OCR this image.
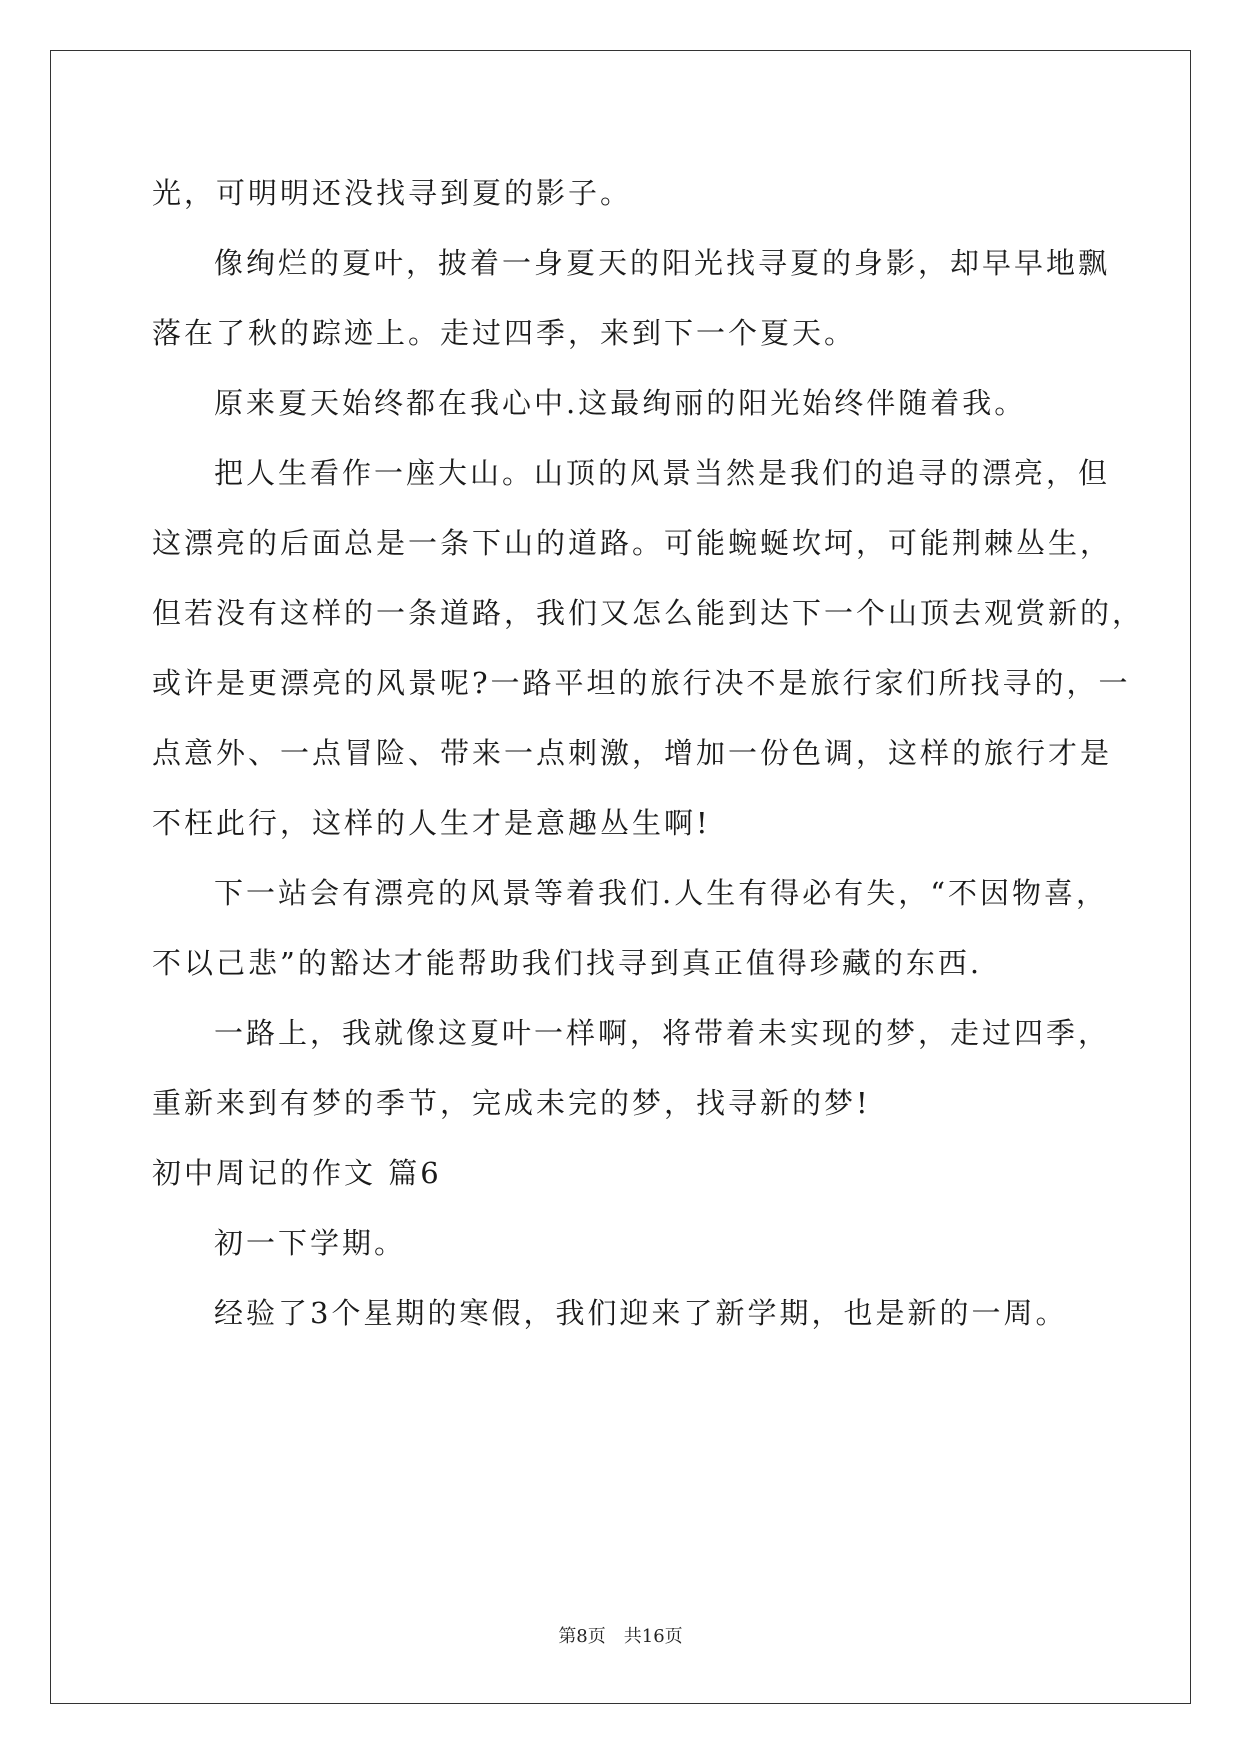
光，可明明还没找寻到夏的影子。
像绚烂的夏叶，披着一身夏天的阳光找寻夏的身影，却早早地飘
落在了秋的踪迹上。走过四季，来到下一个夏天。
原来夏天始终都在我心中.这最绚丽的阳光始终伴随着我。
把人生看作一座大山。山顶的风景当然是我们的追寻的漂亮，但
这漂亮的后面总是一条下山的道路。可能蜿蜒坎坷，可能荆棘丛生，
但若没有这样的一条道路，我们又怎么能到达下一个山顶去观赏新的，
或许是更漂亮的风景呢?一路平坦的旅行决不是旅行家们所找寻的，一
点意外、一点冒险、带来一点刺激，增加一份色调，这样的旅行才是
不枉此行，这样的人生才是意趣丛生啊!
下一站会有漂亮的风景等着我们.人生有得必有失，“不因物喜，
不以己悲”的豁达才能帮助我们找寻到真正值得珍藏的东西.
一路上，我就像这夏叶一样啊，将带着未实现的梦，走过四季，
重新来到有梦的季节，完成未完的梦，找寻新的梦!
初中周记的作文 篇6
初一下学期。
经验了3个星期的寒假，我们迎来了新学期，也是新的一周。
第8页　共16页
